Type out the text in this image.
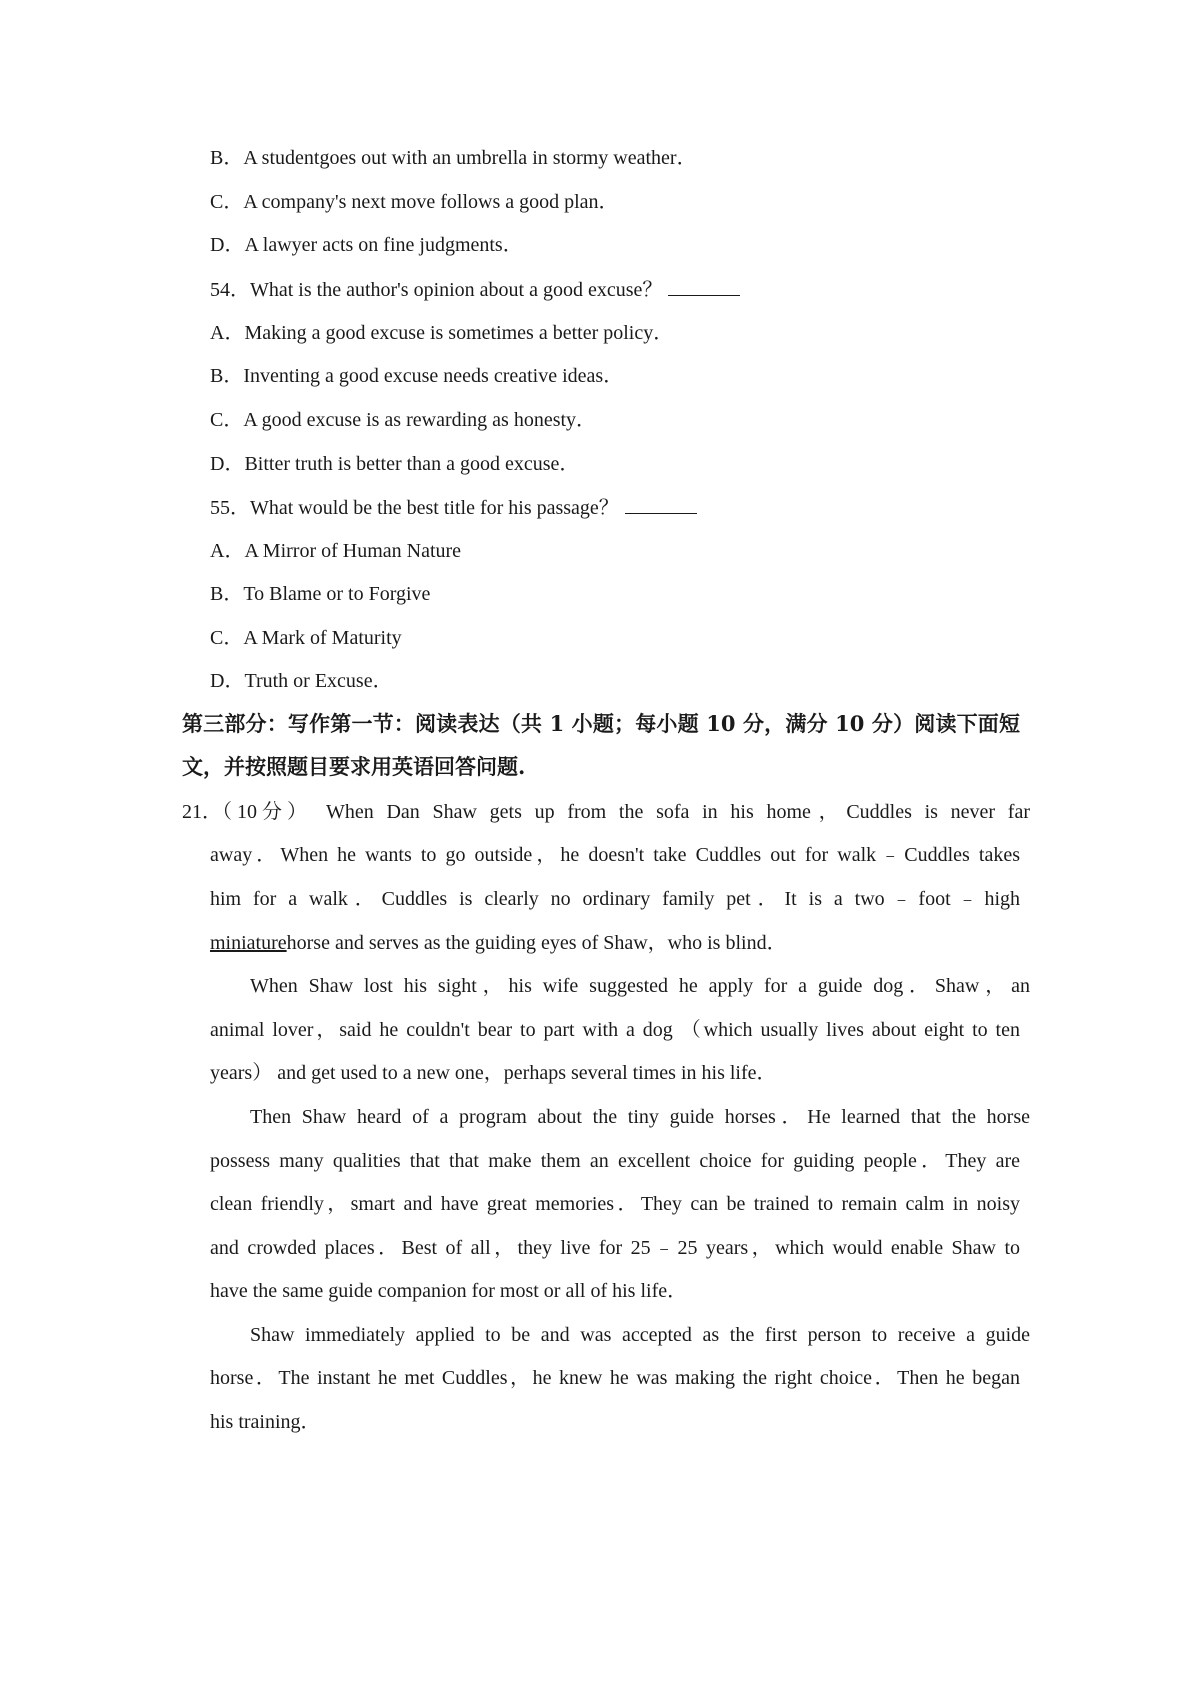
B．A studentgoes out with an umbrella in stormy weather．
C．A company's next move follows a good plan．
D．A lawyer acts on fine judgments．
54．What is the author's opinion about a good excuse？
A．Making a good excuse is sometimes a better policy．
B．Inventing a good excuse needs creative ideas．
C．A good excuse is as rewarding as honesty．
D．Bitter truth is better than a good excuse．
55．What would be the best title for his passage？
A．A Mirror of Human Nature
B．To Blame or to Forgive
C．A Mark of Maturity
D．Truth or Excuse．
第三部分：写作第一节：阅读表达（共 1 小题；每小题 10 分，满分 10 分）阅读下面短
文，并按照题目要求用英语回答问题.
21．（ 10 分 ） When Dan Shaw gets up from the sofa in his home，Cuddles is never far
away．When he wants to go outside，he doesn't take Cuddles out for walk﹣Cuddles takes
him for a walk．Cuddles is clearly no ordinary family pet．It is a two﹣foot﹣high
miniaturehorse and serves as the guiding eyes of Shaw，who is blind．
When Shaw lost his sight，his wife suggested he apply for a guide dog．Shaw，an
animal lover，said he couldn't bear to part with a dog （which usually lives about eight to ten
years） and get used to a new one，perhaps several times in his life．
Then Shaw heard of a program about the tiny guide horses．He learned that the horse
possess many qualities that that make them an excellent choice for guiding people．They are
clean friendly，smart and have great memories．They can be trained to remain calm in noisy
and crowded places．Best of all，they live for 25﹣25 years，which would enable Shaw to
have the same guide companion for most or all of his life．
Shaw immediately applied to be and was accepted as the first person to receive a guide
horse．The instant he met Cuddles，he knew he was making the right choice．Then he began
his training．
